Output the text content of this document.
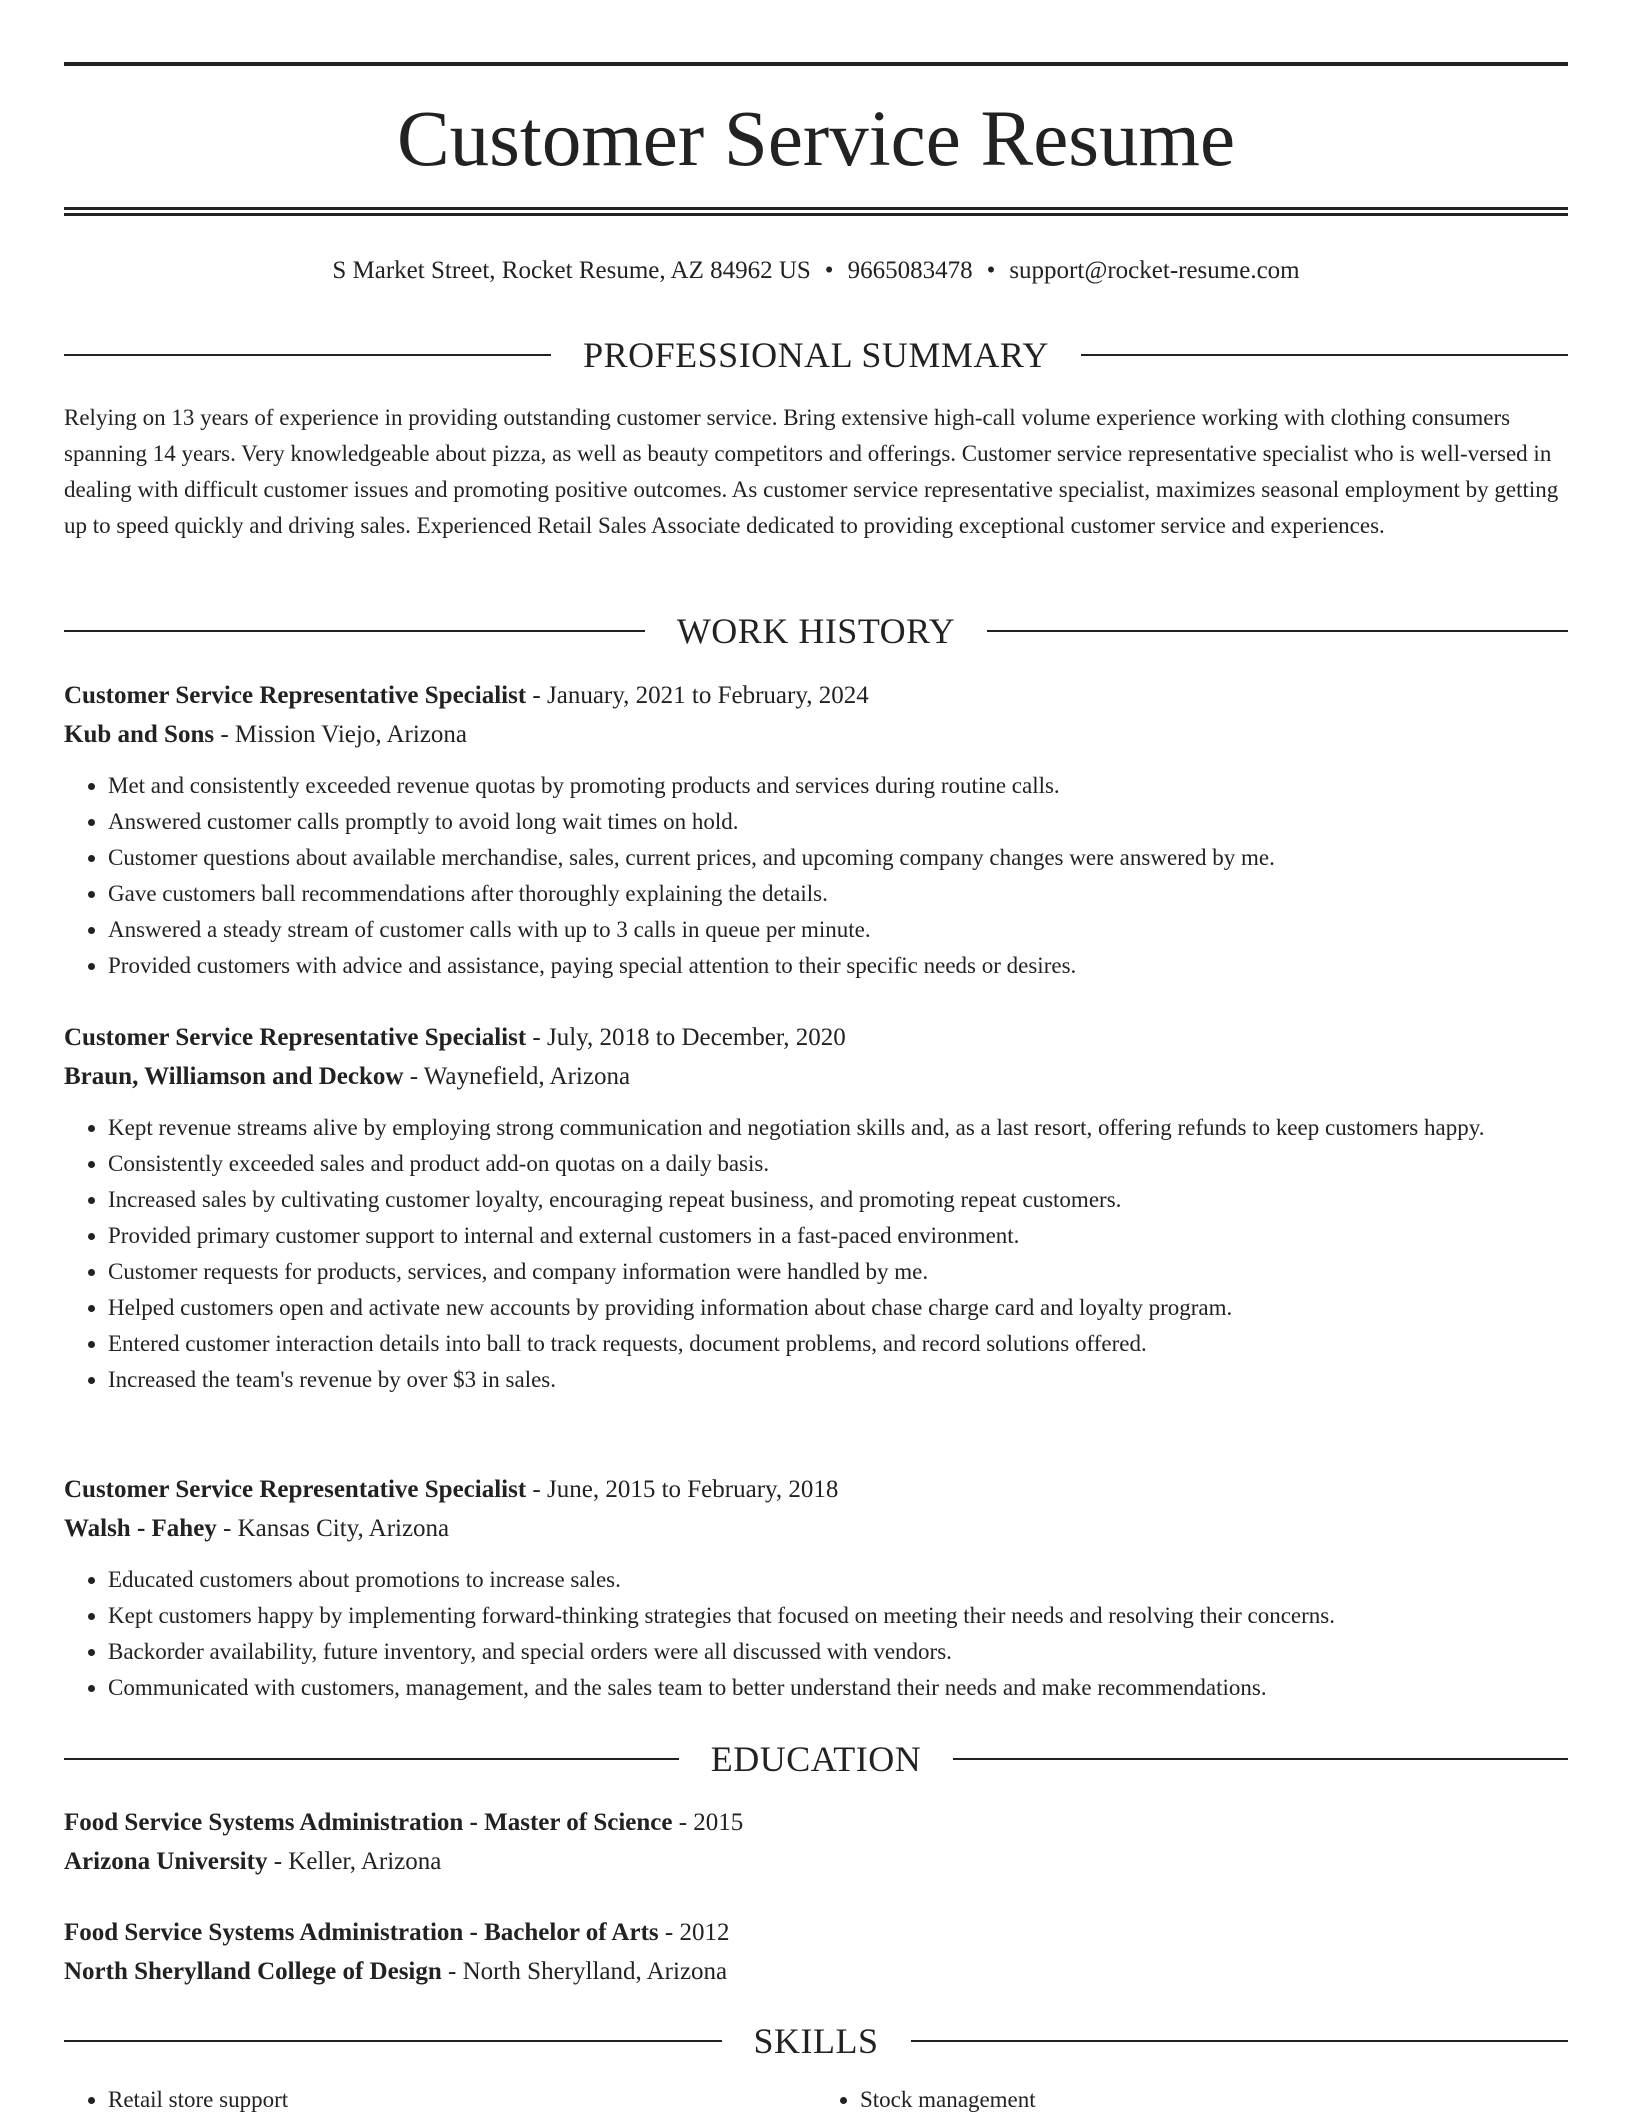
Customer Service Resume
S Market Street, Rocket Resume, AZ 84962 US • 9665083478 • support@rocket-resume.com
PROFESSIONAL SUMMARY

Relying on 13 years of experience in providing outstanding customer service. Bring extensive high-call volume experience working with clothing consumers spanning 14 years. Very knowledgeable about pizza, as well as beauty competitors and offerings. Customer service representative specialist who is well-versed in dealing with difficult customer issues and promoting positive outcomes. As customer service representative specialist, maximizes seasonal employment by getting up to speed quickly and driving sales. Experienced Retail Sales Associate dedicated to providing exceptional customer service and experiences.

WORK HISTORY
Customer Service Representative Specialist - January, 2021 to February, 2024
Kub and Sons - Mission Viejo, Arizona
• Met and consistently exceeded revenue quotas by promoting products and services during routine calls.
• Answered customer calls promptly to avoid long wait times on hold.
• Customer questions about available merchandise, sales, current prices, and upcoming company changes were answered by me.
• Gave customers ball recommendations after thoroughly explaining the details.
• Answered a steady stream of customer calls with up to 3 calls in queue per minute.
• Provided customers with advice and assistance, paying special attention to their specific needs or desires.
Customer Service Representative Specialist - July, 2018 to December, 2020
Braun, Williamson and Deckow - Waynefield, Arizona
• Kept revenue streams alive by employing strong communication and negotiation skills and, as a last resort, offering refunds to keep customers happy.
• Consistently exceeded sales and product add-on quotas on a daily basis.
• Increased sales by cultivating customer loyalty, encouraging repeat business, and promoting repeat customers.
• Provided primary customer support to internal and external customers in a fast-paced environment.
• Customer requests for products, services, and company information were handled by me.
• Helped customers open and activate new accounts by providing information about chase charge card and loyalty program.
• Entered customer interaction details into ball to track requests, document problems, and record solutions offered.
• Increased the team's revenue by over $3 in sales.
Customer Service Representative Specialist - June, 2015 to February, 2018
Walsh - Fahey - Kansas City, Arizona
• Educated customers about promotions to increase sales.
• Kept customers happy by implementing forward-thinking strategies that focused on meeting their needs and resolving their concerns.
• Backorder availability, future inventory, and special orders were all discussed with vendors.
• Communicated with customers, management, and the sales team to better understand their needs and make recommendations.
EDUCATION
Food Service Systems Administration - Master of Science - 2015
Arizona University - Keller, Arizona
Food Service Systems Administration - Bachelor of Arts - 2012
North Sherylland College of Design - North Sherylland, Arizona
SKILLS
• Retail store support
•	Stock management
